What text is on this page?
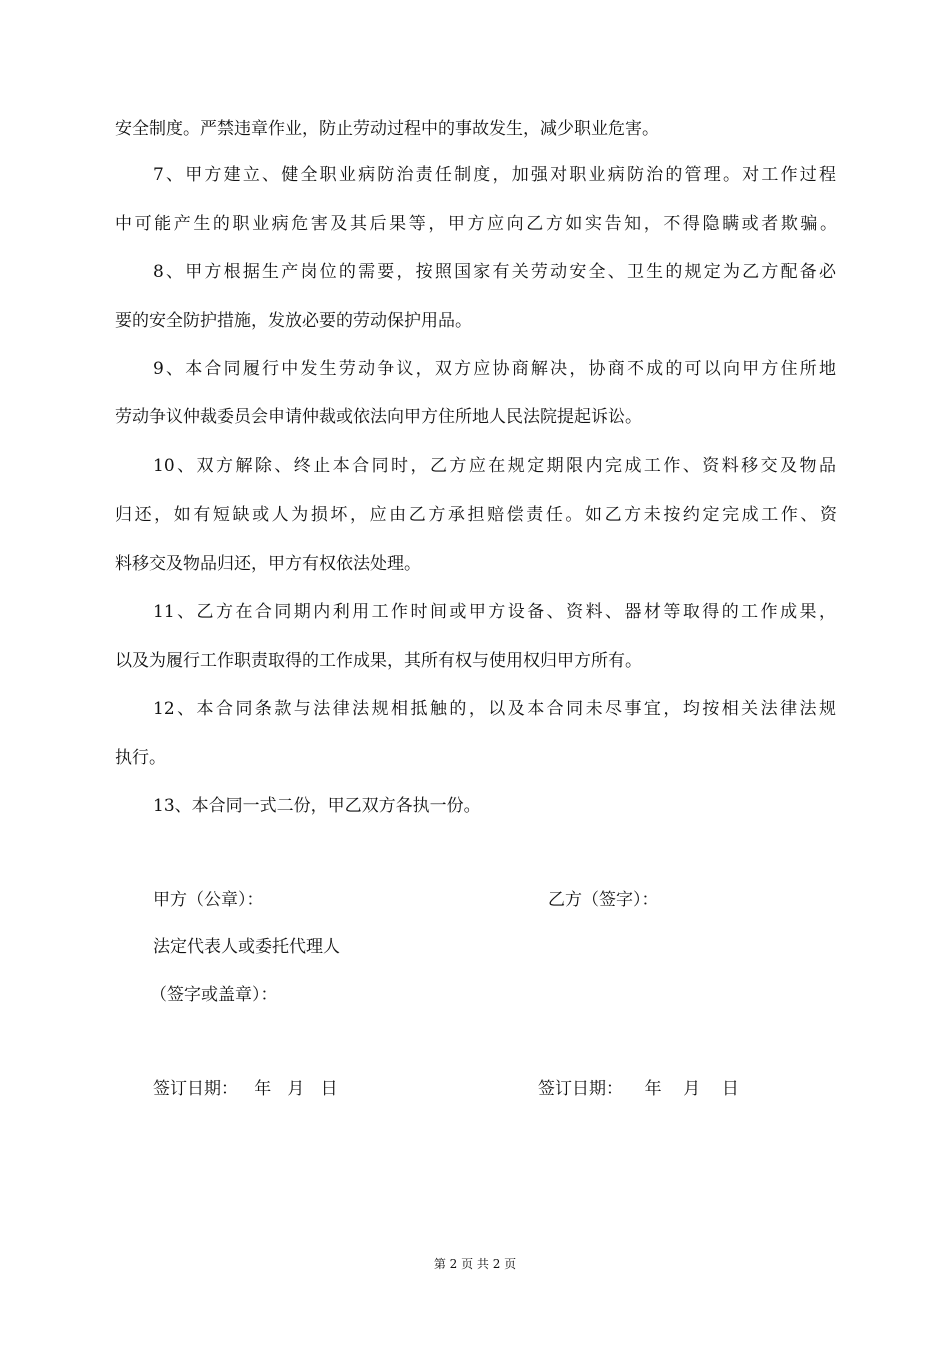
安全制度。严禁违章作业，防止劳动过程中的事故发生，减少职业危害。
7、甲方建立、健全职业病防治责任制度，加强对职业病防治的管理。对工作过程
中可能产生的职业病危害及其后果等，甲方应向乙方如实告知，不得隐瞒或者欺骗。
8、甲方根据生产岗位的需要，按照国家有关劳动安全、卫生的规定为乙方配备必
要的安全防护措施，发放必要的劳动保护用品。
9、本合同履行中发生劳动争议，双方应协商解决，协商不成的可以向甲方住所地
劳动争议仲裁委员会申请仲裁或依法向甲方住所地人民法院提起诉讼。
10、双方解除、终止本合同时，乙方应在规定期限内完成工作、资料移交及物品
归还，如有短缺或人为损坏，应由乙方承担赔偿责任。如乙方未按约定完成工作、资
料移交及物品归还，甲方有权依法处理。
11、乙方在合同期内利用工作时间或甲方设备、资料、器材等取得的工作成果，
以及为履行工作职责取得的工作成果，其所有权与使用权归甲方所有。
12、本合同条款与法律法规相抵触的，以及本合同未尽事宜，均按相关法律法规
执行。
13、本合同一式二份，甲乙双方各执一份。
甲方（公章）：	乙方（签字）：
法定代表人或委托代理人
（签字或盖章）：
签订日期：   年   月   日	签订日期：    年    月    日
第 2 页 共 2 页
